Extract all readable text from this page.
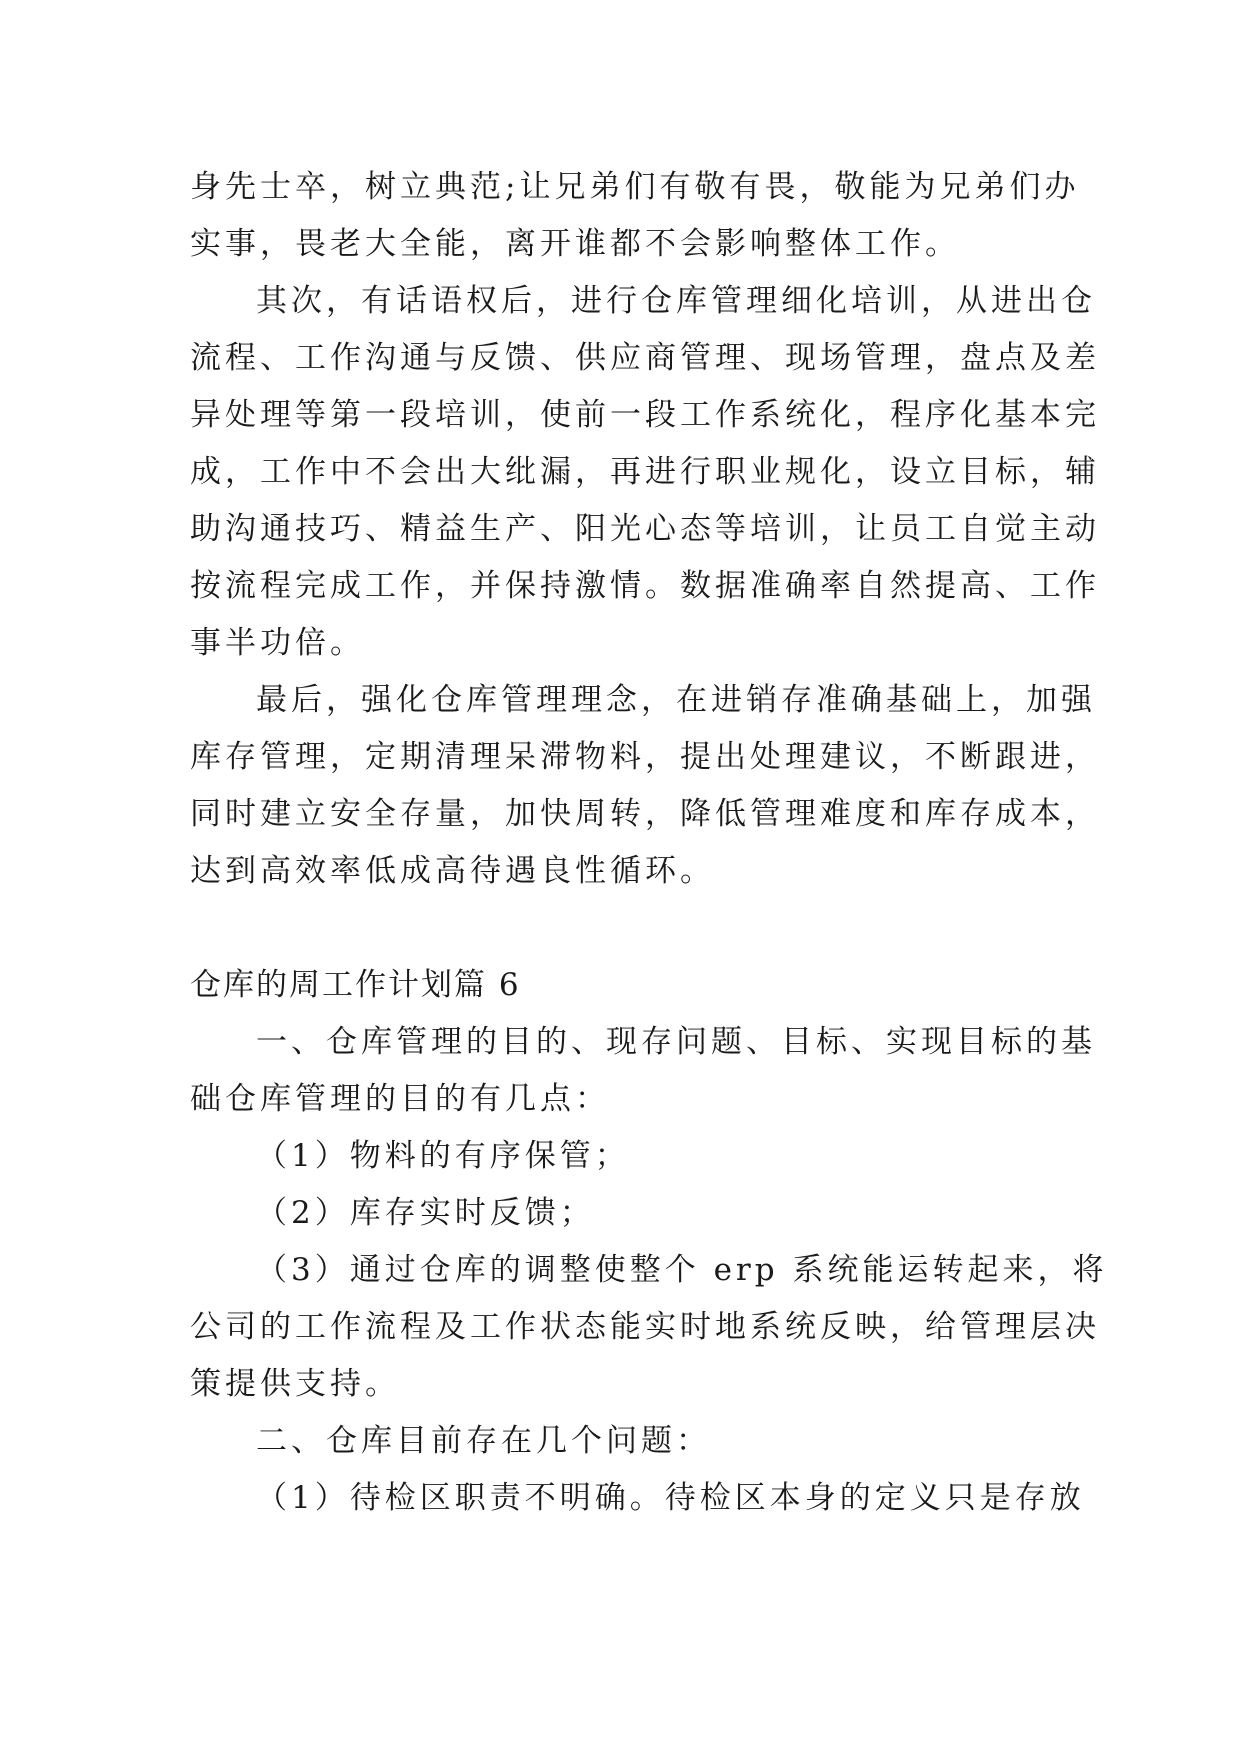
身先士卒，树立典范;让兄弟们有敬有畏，敬能为兄弟们办
实事，畏老大全能，离开谁都不会影响整体工作。
其次，有话语权后，进行仓库管理细化培训，从进出仓
流程、工作沟通与反馈、供应商管理、现场管理，盘点及差
异处理等第一段培训，使前一段工作系统化，程序化基本完
成，工作中不会出大纰漏，再进行职业规化，设立目标，辅
助沟通技巧、精益生产、阳光心态等培训，让员工自觉主动
按流程完成工作，并保持激情。数据准确率自然提高、工作
事半功倍。
最后，强化仓库管理理念，在进销存准确基础上，加强
库存管理，定期清理呆滞物料，提出处理建议，不断跟进，
同时建立安全存量，加快周转，降低管理难度和库存成本，
达到高效率低成高待遇良性循环。
仓库的周工作计划篇 6
一、仓库管理的目的、现存问题、目标、实现目标的基
础仓库管理的目的有几点：
（1）物料的有序保管；
（2）库存实时反馈；
（3）通过仓库的调整使整个 erp 系统能运转起来，将
公司的工作流程及工作状态能实时地系统反映，给管理层决
策提供支持。
二、仓库目前存在几个问题：
（1）待检区职责不明确。待检区本身的定义只是存放
